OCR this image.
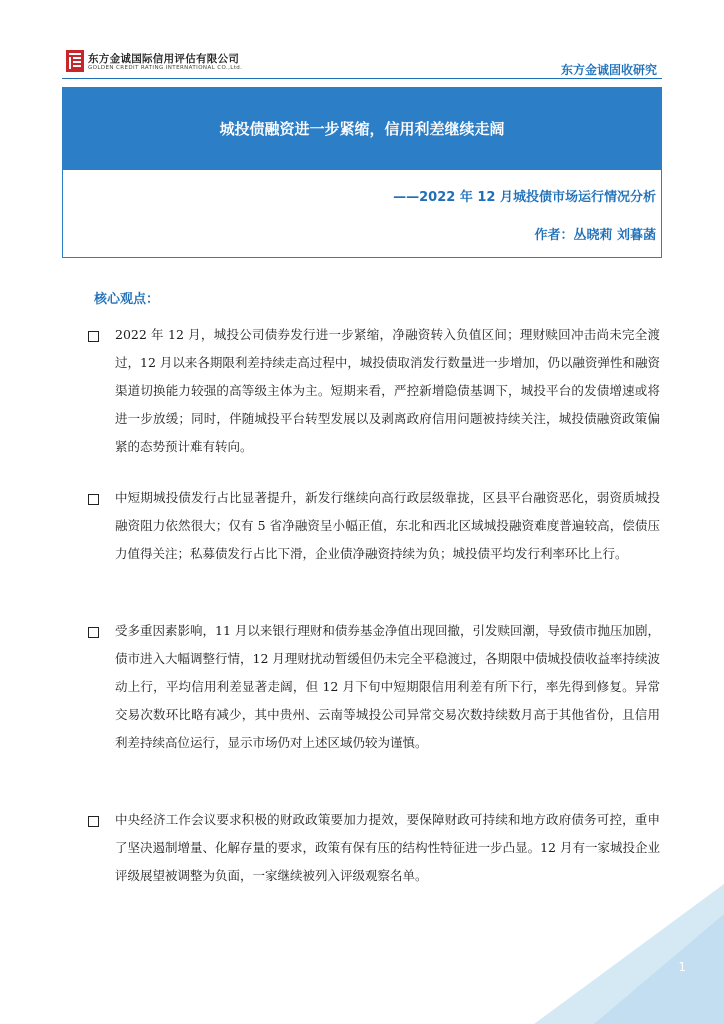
东方金诚国际信用评估有限公司
GOLDEN CREDIT RATING INTERNATIONAL CO.,Ltd.	东方金诚固收研究
城投债融资进一步紧缩，信用利差继续走阔
——2022 年 12 月城投债市场运行情况分析
作者：丛晓莉 刘暮菡
核心观点：
2022 年 12 月，城投公司债券发行进一步紧缩，净融资转入负值区间；理财赎回冲击尚未完全渡过，12 月以来各期限利差持续走高过程中，城投债取消发行数量进一步增加，仍以融资弹性和融资渠道切换能力较强的高等级主体为主。短期来看，严控新增隐债基调下，城投平台的发债增速或将进一步放缓；同时，伴随城投平台转型发展以及剥离政府信用问题被持续关注，城投债融资政策偏紧的态势预计难有转向。
中短期城投债发行占比显著提升，新发行继续向高行政层级靠拢，区县平台融资恶化，弱资质城投融资阻力依然很大；仅有 5 省净融资呈小幅正值，东北和西北区域城投融资难度普遍较高，偿债压力值得关注；私募债发行占比下滑，企业债净融资持续为负；城投债平均发行利率环比上行。
受多重因素影响，11 月以来银行理财和债券基金净值出现回撤，引发赎回潮，导致债市抛压加剧，债市进入大幅调整行情，12 月理财扰动暂缓但仍未完全平稳渡过，各期限中债城投债收益率持续波动上行，平均信用利差显著走阔，但 12 月下旬中短期限信用利差有所下行，率先得到修复。异常交易次数环比略有减少，其中贵州、云南等城投公司异常交易次数持续数月高于其他省份，且信用利差持续高位运行，显示市场仍对上述区域仍较为谨慎。
中央经济工作会议要求积极的财政政策要加力提效，要保障财政可持续和地方政府债务可控，重申了坚决遏制增量、化解存量的要求，政策有保有压的结构性特征进一步凸显。12 月有一家城投企业评级展望被调整为负面，一家继续被列入评级观察名单。
1
